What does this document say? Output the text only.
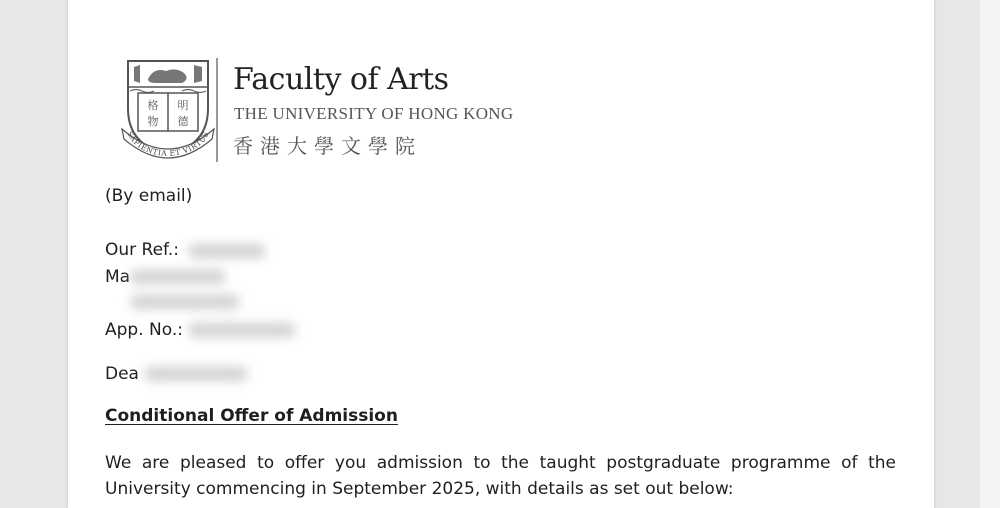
格 明
物 德
SAPIENTIA ET VIRTUS
Faculty of Arts
THE UNIVERSITY OF HONG KONG
香港大學文學院
(By email)
Our Ref.:
Ma
App. No.:
Dea
Conditional Offer of Admission
We are pleased to offer you admission to the taught postgraduate programme of the University commencing in September 2025, with details as set out below:
